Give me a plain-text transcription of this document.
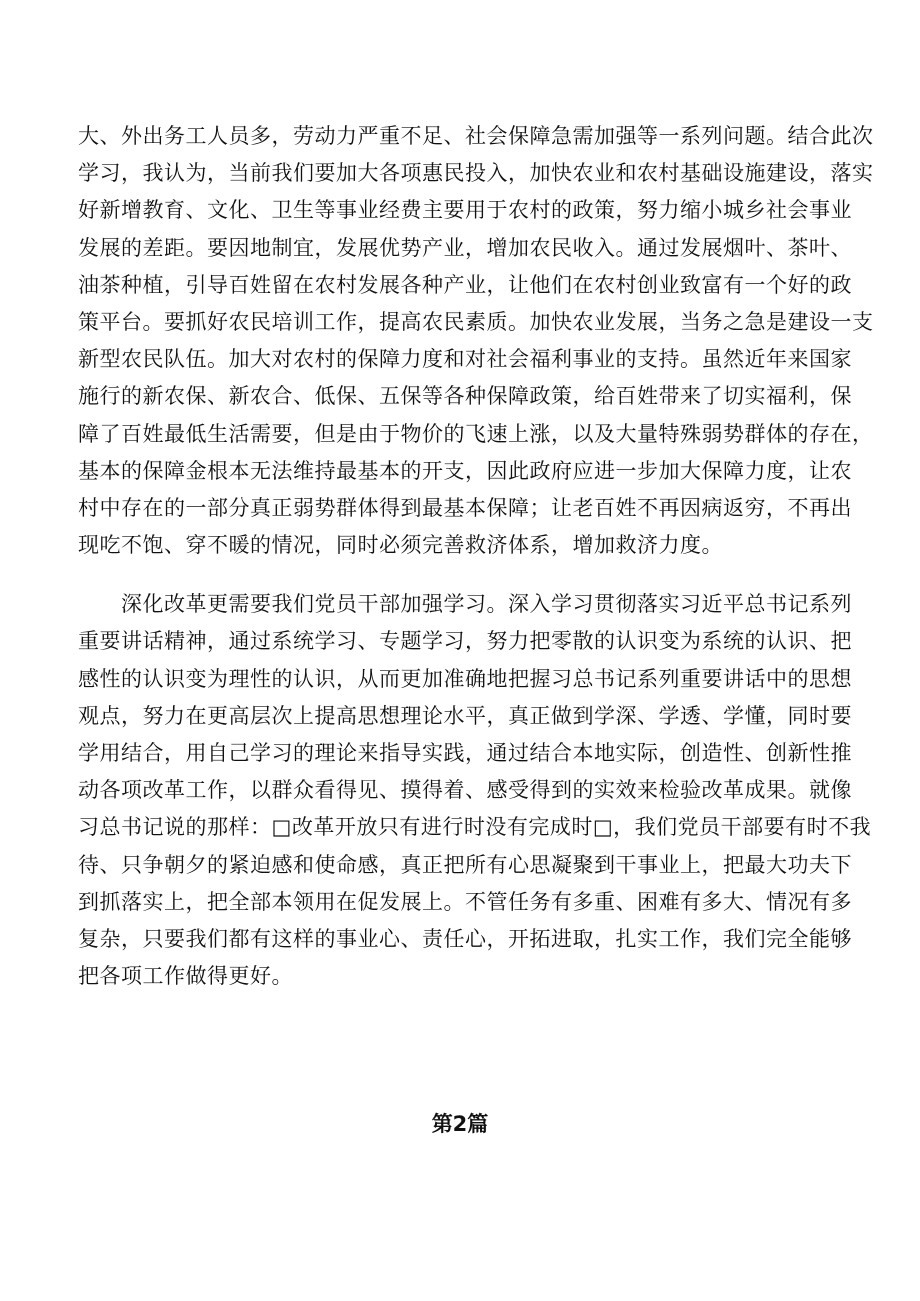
大、外出务工人员多，劳动力严重不足、社会保障急需加强等一系列问题。结合此次
学习，我认为，当前我们要加大各项惠民投入，加快农业和农村基础设施建设，落实
好新增教育、文化、卫生等事业经费主要用于农村的政策，努力缩小城乡社会事业
发展的差距。要因地制宜，发展优势产业，增加农民收入。通过发展烟叶、茶叶、
油茶种植，引导百姓留在农村发展各种产业，让他们在农村创业致富有一个好的政
策平台。要抓好农民培训工作，提高农民素质。加快农业发展，当务之急是建设一支
新型农民队伍。加大对农村的保障力度和对社会福利事业的支持。虽然近年来国家
施行的新农保、新农合、低保、五保等各种保障政策，给百姓带来了切实福利，保
障了百姓最低生活需要，但是由于物价的飞速上涨，以及大量特殊弱势群体的存在，
基本的保障金根本无法维持最基本的开支，因此政府应进一步加大保障力度，让农
村中存在的一部分真正弱势群体得到最基本保障；让老百姓不再因病返穷，不再出
现吃不饱、穿不暖的情况，同时必须完善救济体系，增加救济力度。
　　深化改革更需要我们党员干部加强学习。深入学习贯彻落实习近平总书记系列
重要讲话精神，通过系统学习、专题学习，努力把零散的认识变为系统的认识、把
感性的认识变为理性的认识，从而更加准确地把握习总书记系列重要讲话中的思想
观点，努力在更高层次上提高思想理论水平，真正做到学深、学透、学懂，同时要
学用结合，用自己学习的理论来指导实践，通过结合本地实际，创造性、创新性推
动各项改革工作，以群众看得见、摸得着、感受得到的实效来检验改革成果。就像
习总书记说的那样：□改革开放只有进行时没有完成时□，我们党员干部要有时不我
待、只争朝夕的紧迫感和使命感，真正把所有心思凝聚到干事业上，把最大功夫下
到抓落实上，把全部本领用在促发展上。不管任务有多重、困难有多大、情况有多
复杂，只要我们都有这样的事业心、责任心，开拓进取，扎实工作，我们完全能够
把各项工作做得更好。
第2篇
